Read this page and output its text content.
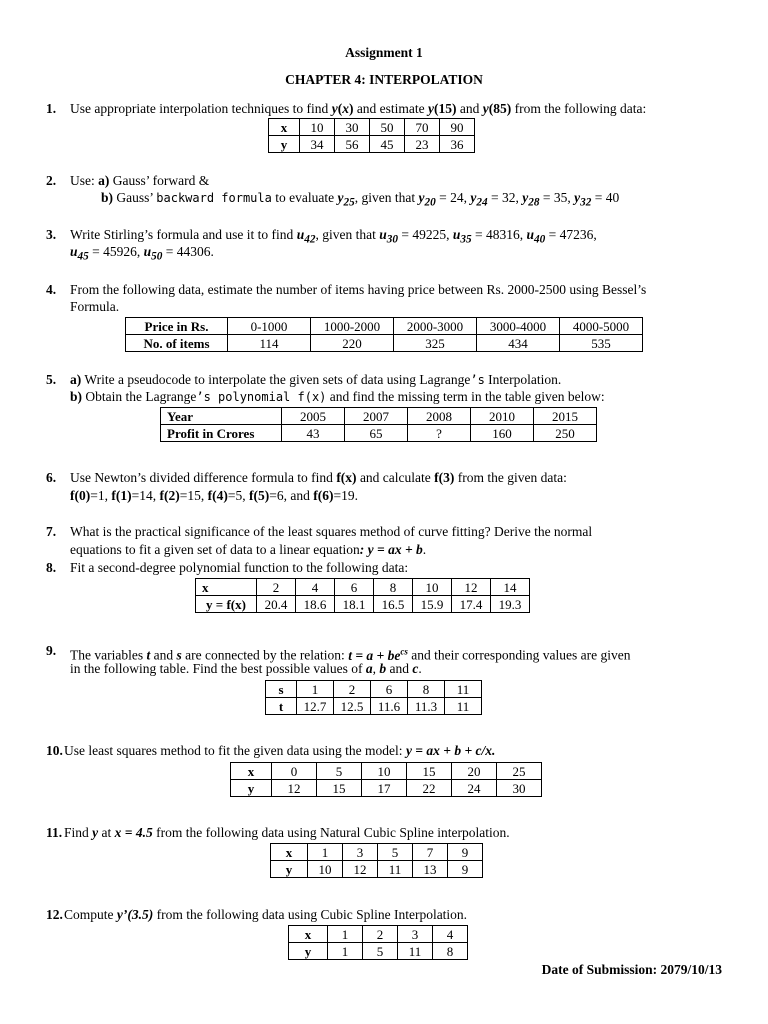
Assignment 1
CHAPTER 4: INTERPOLATION
1. Use appropriate interpolation techniques to find y(x) and estimate y(15) and y(85) from the following data:
x	10	30	50	70	90
y	34	56	45	23	36
2. Use: a) Gauss’ forward &
b) Gauss’ backward formula to evaluate $y_{25}$, given that $y_{20} = 24$, $y_{24} = 32$, $y_{28} = 35$, $y_{32} = 40$
3. Write Stirling’s formula and use it to find $u_{42}$, given that $u_{30} = 49225$, $u_{35} = 48316$, $u_{40} = 47236$,
$u_{45} = 45926$, $u_{50} = 44306$.
4. From the following data, estimate the number of items having price between Rs. 2000-2500 using Bessel’s
Formula.
Price in Rs.	0-1000	1000-2000	2000-3000	3000-4000	4000-5000
No. of items	114	220	325	434	535
5. a) Write a pseudocode to interpolate the given sets of data using Lagrange’s Interpolation.
b) Obtain the Lagrange’s polynomial f(x) and find the missing term in the table given below:
Year	2005	2007	2008	2010	2015
Profit in Crores	43	65	?	160	250
6. Use Newton’s divided difference formula to find f(x) and calculate f(3) from the given data:
f(0)=1, f(1)=14, f(2)=15, f(4)=5, f(5)=6, and f(6)=19.
7. What is the practical significance of the least squares method of curve fitting? Derive the normal
equations to fit a given set of data to a linear equation: y = ax + b.
8. Fit a second-degree polynomial function to the following data:
x	2	4	6	8	10	12	14
y = f(x)	20.4	18.6	18.1	16.5	15.9	17.4	19.3
9. The variables t and s are connected by the relation: $t = a + be^{cs}$ and their corresponding values are given
in the following table. Find the best possible values of a, b and c.
s	1	2	6	8	11
t	12.7	12.5	11.6	11.3	11
10. Use least squares method to fit the given data using the model: y = ax + b + c/x.
x	0	5	10	15	20	25
y	12	15	17	22	24	30
11. Find y at x = 4.5 from the following data using Natural Cubic Spline interpolation.
x	1	3	5	7	9
y	10	12	11	13	9
12. Compute y’(3.5) from the following data using Cubic Spline Interpolation.
x	1	2	3	4
y	1	5	11	8
Date of Submission: 2079/10/13
